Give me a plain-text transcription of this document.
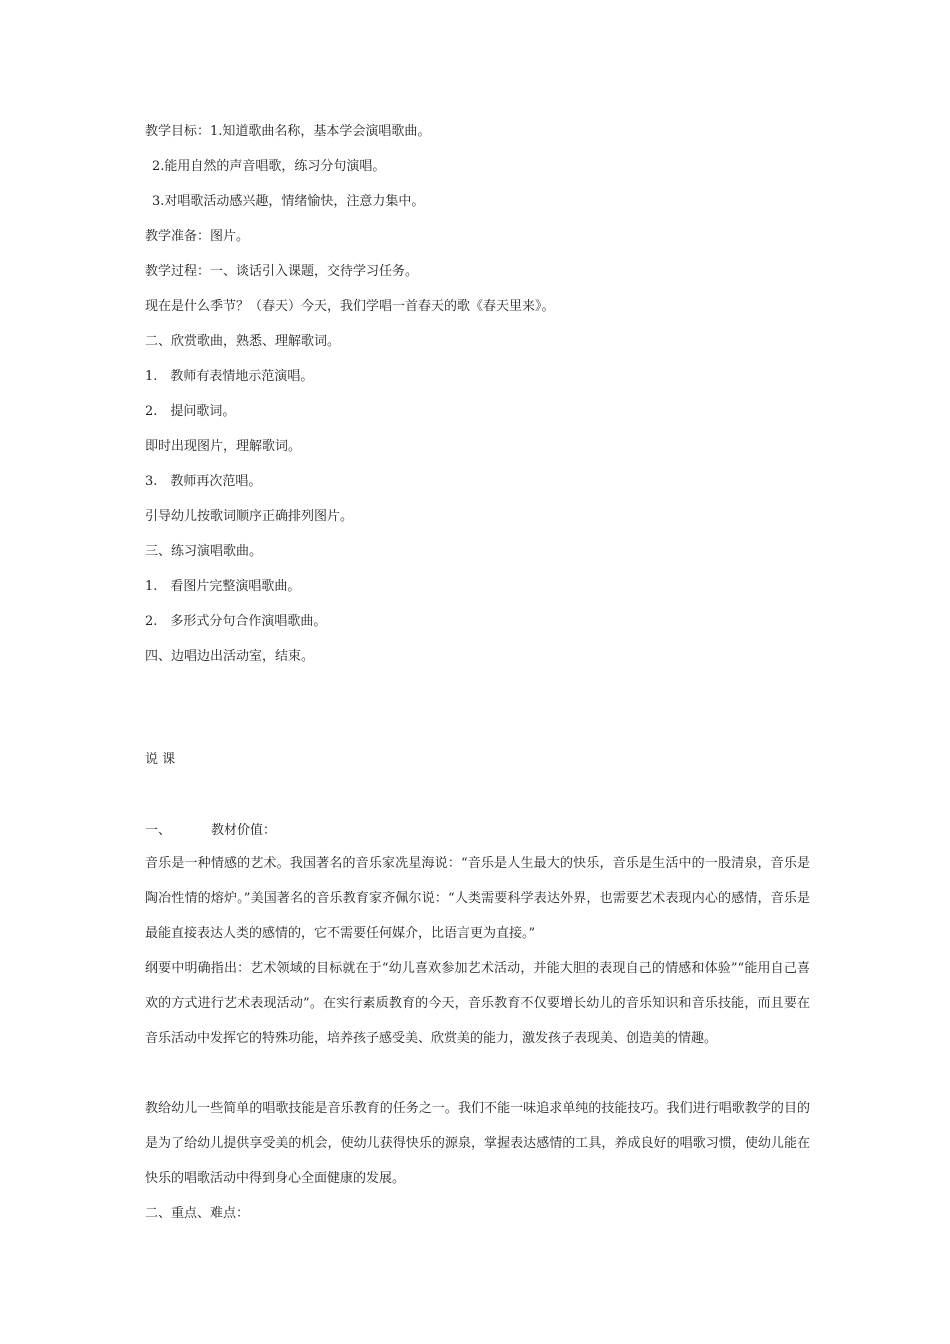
教学目标：1.知道歌曲名称，基本学会演唱歌曲。
2.能用自然的声音唱歌，练习分句演唱。
3.对唱歌活动感兴趣，情绪愉快，注意力集中。
教学准备：图片。
教学过程：一、谈话引入课题，交待学习任务。
现在是什么季节？（春天）今天，我们学唱一首春天的歌《春天里来》。
二、欣赏歌曲，熟悉、理解歌词。
1.　教师有表情地示范演唱。
2.　提问歌词。
即时出现图片，理解歌词。
3.　教师再次范唱。
引导幼儿按歌词顺序正确排列图片。
三、练习演唱歌曲。
1.　看图片完整演唱歌曲。
2.　多形式分句合作演唱歌曲。
四、边唱边出活动室，结束。
说 课
一、	教材价值：
音乐是一种情感的艺术。我国著名的音乐家冼星海说：“音乐是人生最大的快乐，音乐是生活中的一股清泉，音乐是陶冶性情的熔炉。”美国著名的音乐教育家齐佩尔说：“人类需要科学表达外界，也需要艺术表现内心的感情，音乐是最能直接表达人类的感情的，它不需要任何媒介，比语言更为直接。”
纲要中明确指出：艺术领域的目标就在于“幼儿喜欢参加艺术活动，并能大胆的表现自己的情感和体验”“能用自己喜欢的方式进行艺术表现活动”。在实行素质教育的今天，音乐教育不仅要增长幼儿的音乐知识和音乐技能，而且要在音乐活动中发挥它的特殊功能，培养孩子感受美、欣赏美的能力，激发孩子表现美、创造美的情趣。
教给幼儿一些简单的唱歌技能是音乐教育的任务之一。我们不能一味追求单纯的技能技巧。我们进行唱歌教学的目的是为了给幼儿提供享受美的机会，使幼儿获得快乐的源泉，掌握表达感情的工具，养成良好的唱歌习惯，使幼儿能在快乐的唱歌活动中得到身心全面健康的发展。
二、重点、难点：
